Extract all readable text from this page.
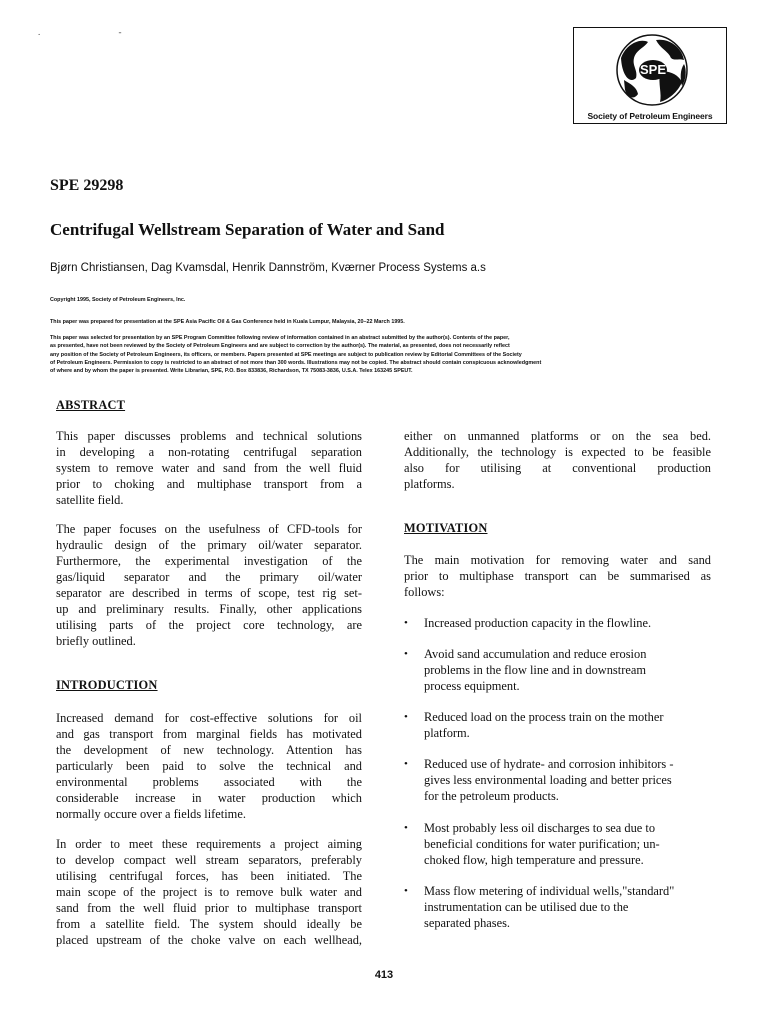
. -
SPE
Society of Petroleum Engineers
SPE 29298
Centrifugal Wellstream Separation of Water and Sand
Bjørn Christiansen, Dag Kvamsdal, Henrik Dannström, Kværner Process Systems a.s

Copyright 1995, Society of Petroleum Engineers, Inc.

This paper was prepared for presentation at the SPE Asia Pacific Oil & Gas Conference held in Kuala Lumpur, Malaysia, 20–22 March 1995.

This paper was selected for presentation by an SPE Program Committee following review of information contained in an abstract submitted by the author(s). Contents of the paper,

as presented, have not been reviewed by the Society of Petroleum Engineers and are subject to correction by the author(s). The material, as presented, does not necessarily reflect

any position of the Society of Petroleum Engineers, its officers, or members. Papers presented at SPE meetings are subject to publication review by Editorial Committees of the Society

of Petroleum Engineers. Permission to copy is restricted to an abstract of not more than 300 words. Illustrations may not be copied. The abstract should contain conspicuous acknowledgment

of where and by whom the paper is presented. Write Librarian, SPE, P.O. Box 833836, Richardson, TX 75083-3836, U.S.A. Telex 163245 SPEUT.

ABSTRACT

This paper discusses problems and technical solutions

in developing a non-rotating centrifugal separation

system to remove water and sand from the well fluid

prior to choking and multiphase transport from a

satellite field.

The paper focuses on the usefulness of CFD-tools for

hydraulic design of the primary oil/water separator.

Furthermore, the experimental investigation of the

gas/liquid separator and the primary oil/water

separator are described in terms of scope, test rig set-

up and preliminary results. Finally, other applications

utilising parts of the project core technology, are

briefly outlined.

INTRODUCTION

Increased demand for cost-effective solutions for oil

and gas transport from marginal fields has motivated

the development of new technology. Attention has

particularly been paid to solve the technical and

environmental problems associated with the

considerable increase in water production which

normally occure over a fields lifetime.

In order to meet these requirements a project aiming

to develop compact well stream separators, preferably

utilising centrifugal forces, has been initiated. The

main scope of the project is to remove bulk water and

sand from the well fluid prior to multiphase transport

from a satellite field. The system should ideally be

placed upstream of the choke valve on each wellhead,

either on unmanned platforms or on the sea bed.

Additionally, the technology is expected to be feasible

also for utilising at conventional production

platforms.

MOTIVATION

The main motivation for removing water and sand

prior to multiphase transport can be summarised as

follows:

• Increased production capacity in the flowline.
• Avoid sand accumulation and reduce erosion
problems in the flow line and in downstream
process equipment.
• Reduced load on the process train on the mother
platform.
• Reduced use of hydrate- and corrosion inhibitors -
gives less environmental loading and better prices
for the petroleum products.
• Most probably less oil discharges to sea due to
beneficial conditions for water purification; un-
choked flow, high temperature and pressure.
• Mass flow metering of individual wells,"standard"
instrumentation can be utilised due to the
separated phases.
413
